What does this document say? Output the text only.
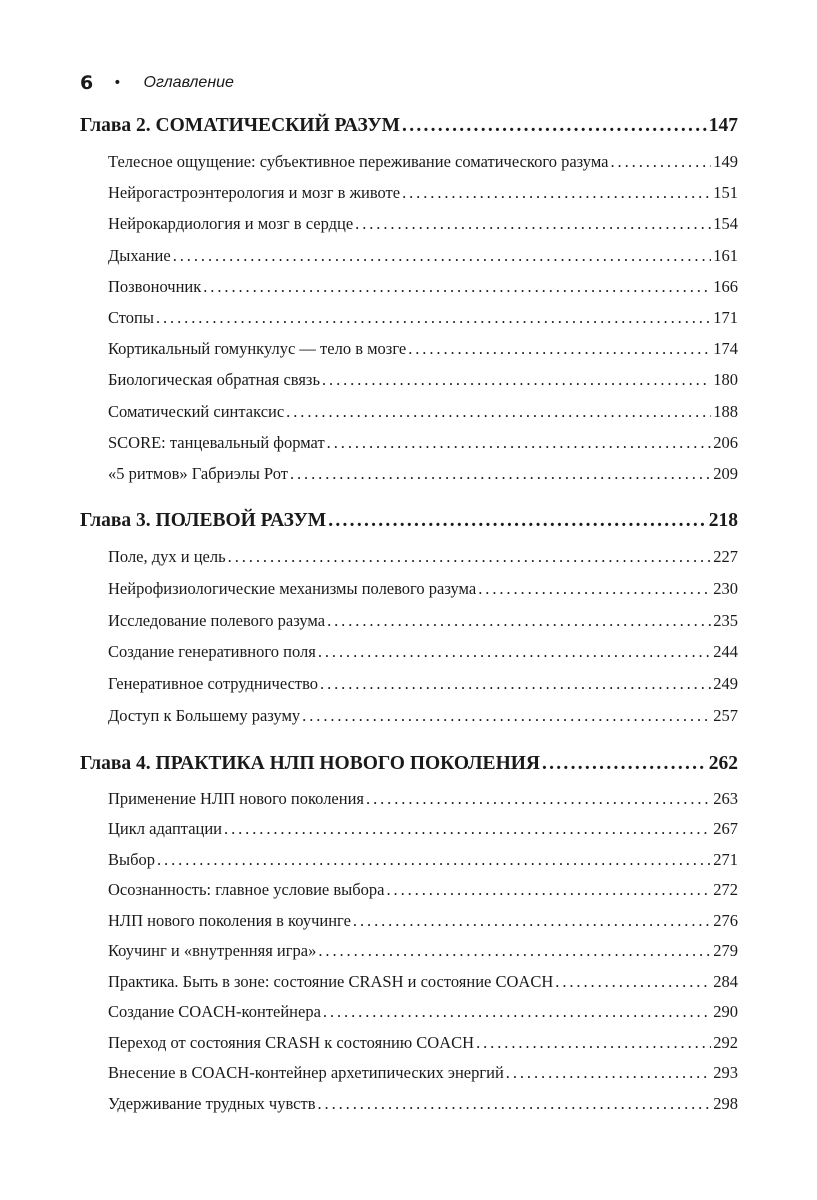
6 • Оглавление
Глава 2. СОМАТИЧЕСКИЙ РАЗУМ . . .	147
Телесное ощущение: субъективное переживание соматического разума . . .	149
Нейрогастроэнтерология и мозг в животе . . .	151
Нейрокардиология и мозг в сердце . . .	154
Дыхание . . .	161
Позвоночник . . .	166
Стопы . . .	171
Кортикальный гомункулус — тело в мозге . . .	174
Биологическая обратная связь . . .	180
Соматический синтаксис . . .	188
SCORE: танцевальный формат . . .	206
«5 ритмов» Габриэлы Рот . . .	209
Глава 3. ПОЛЕВОЙ РАЗУМ . . .	218
Поле, дух и цель . . .	227
Нейрофизиологические механизмы полевого разума . . .	230
Исследование полевого разума . . .	235
Создание генеративного поля . . .	244
Генеративное сотрудничество . . .	249
Доступ к Большему разуму . . .	257
Глава 4. ПРАКТИКА НЛП НОВОГО ПОКОЛЕНИЯ . . .	262
Применение НЛП нового поколения . . .	263
Цикл адаптации . . .	267
Выбор . . .	271
Осознанность: главное условие выбора . . .	272
НЛП нового поколения в коучинге . . .	276
Коучинг и «внутренняя игра» . . .	279
Практика. Быть в зоне: состояние CRASH и состояние COACH . . .	284
Создание COACH-контейнера . . .	290
Переход от состояния CRASH к состоянию COACH . . .	292
Внесение в COACH-контейнер архетипических энергий . . .	293
Удерживание трудных чувств . . .	298
